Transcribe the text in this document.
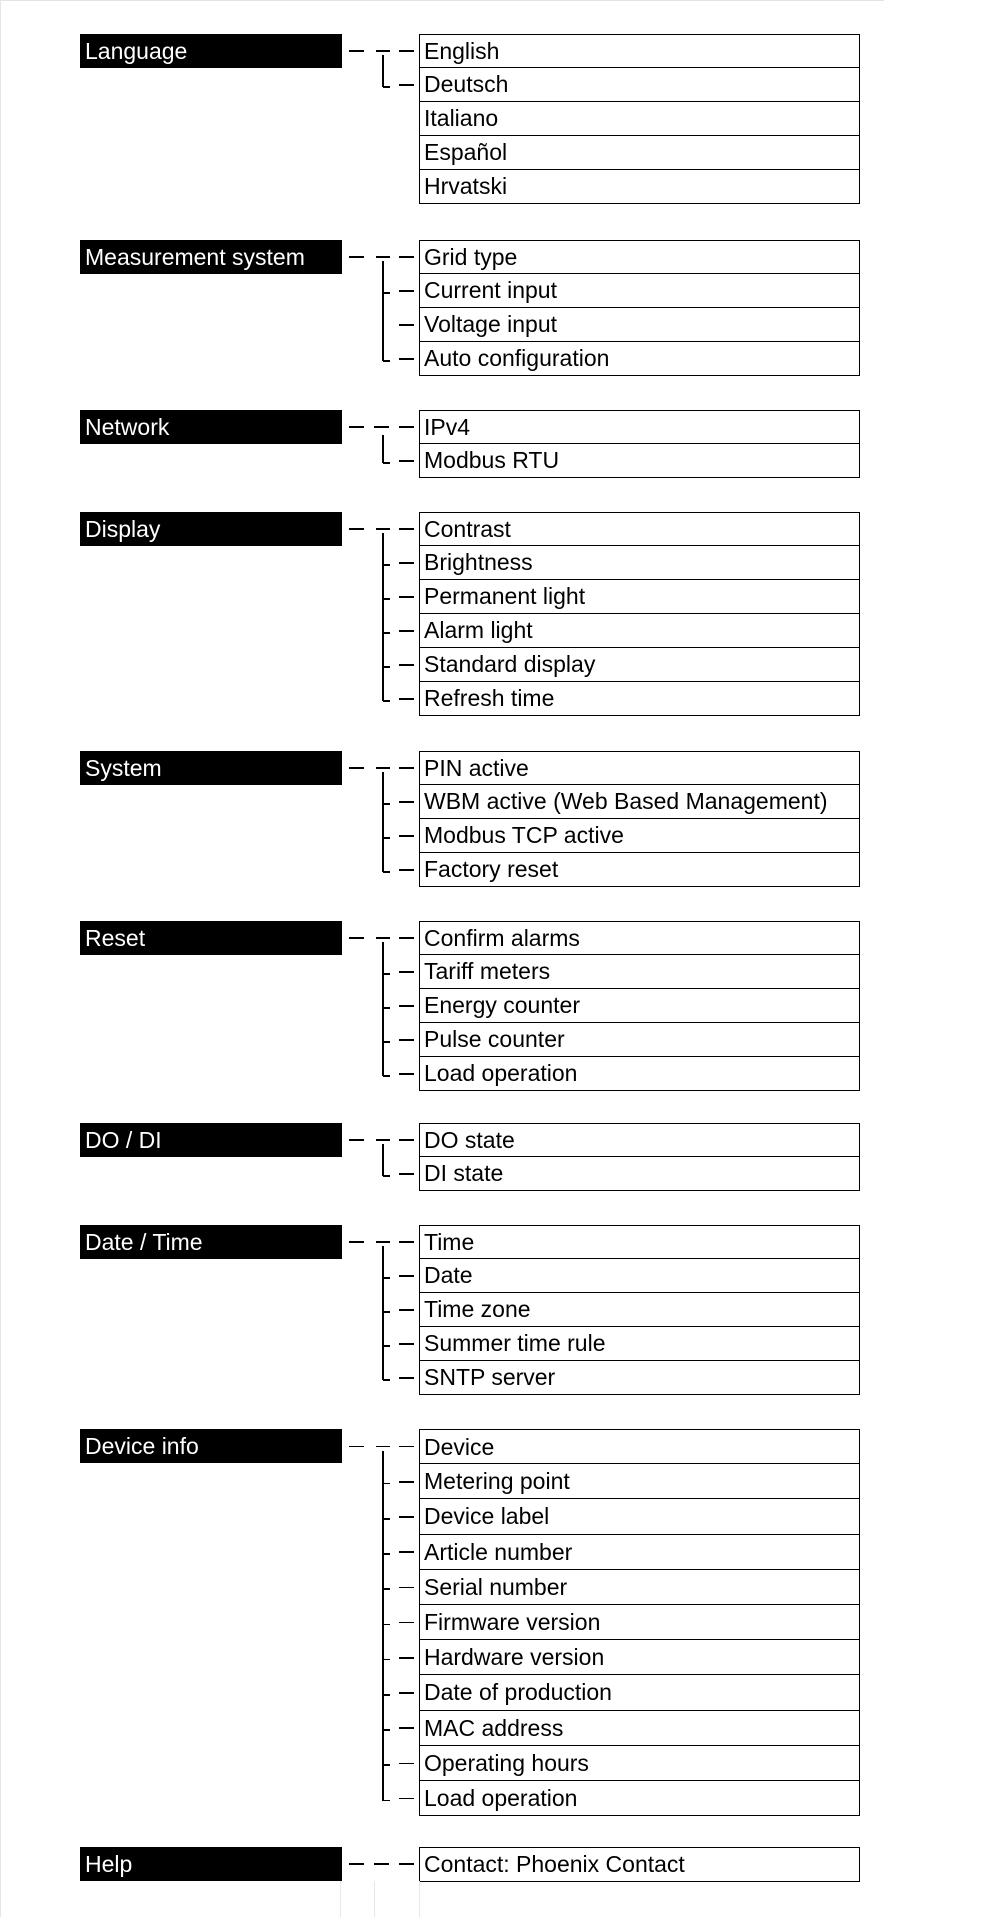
Language	English
Deutsch
Italiano
Español
Hrvatski
Measurement system	Grid type
Current input
Voltage input
Auto configuration
Network	IPv4
Modbus RTU
Display	Contrast
Brightness
Permanent light
Alarm light
Standard display
Refresh time
System	PIN active
WBM active (Web Based Management)
Modbus TCP active
Factory reset
Reset	Confirm alarms
Tariff meters
Energy counter
Pulse counter
Load operation
DO / DI	DO state
DI state
Date / Time	Time
Date
Time zone
Summer time rule
SNTP server
Device info	Device
Metering point
Device label
Article number
Serial number
Firmware version
Hardware version
Date of production
MAC address
Operating hours
Load operation
Help	Contact: Phoenix Contact
